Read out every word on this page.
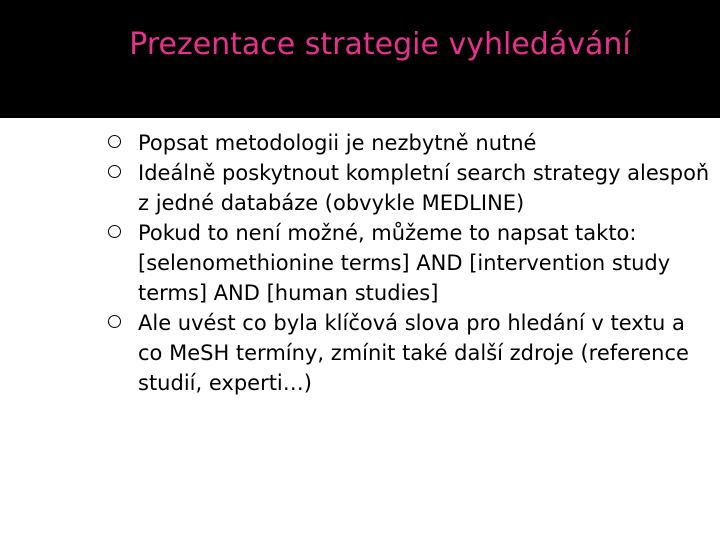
Prezentace strategie vyhledávání
Popsat metodologii je nezbytně nutné
Ideálně poskytnout kompletní search strategy alespoň z jedné databáze (obvykle MEDLINE)
Pokud to není možné, můžeme to napsat takto: [selenomethionine terms] AND [intervention study terms] AND [human studies]
Ale uvést co byla klíčová slova pro hledání v textu a co MeSH termíny, zmínit také další zdroje (reference studií, experti…)
